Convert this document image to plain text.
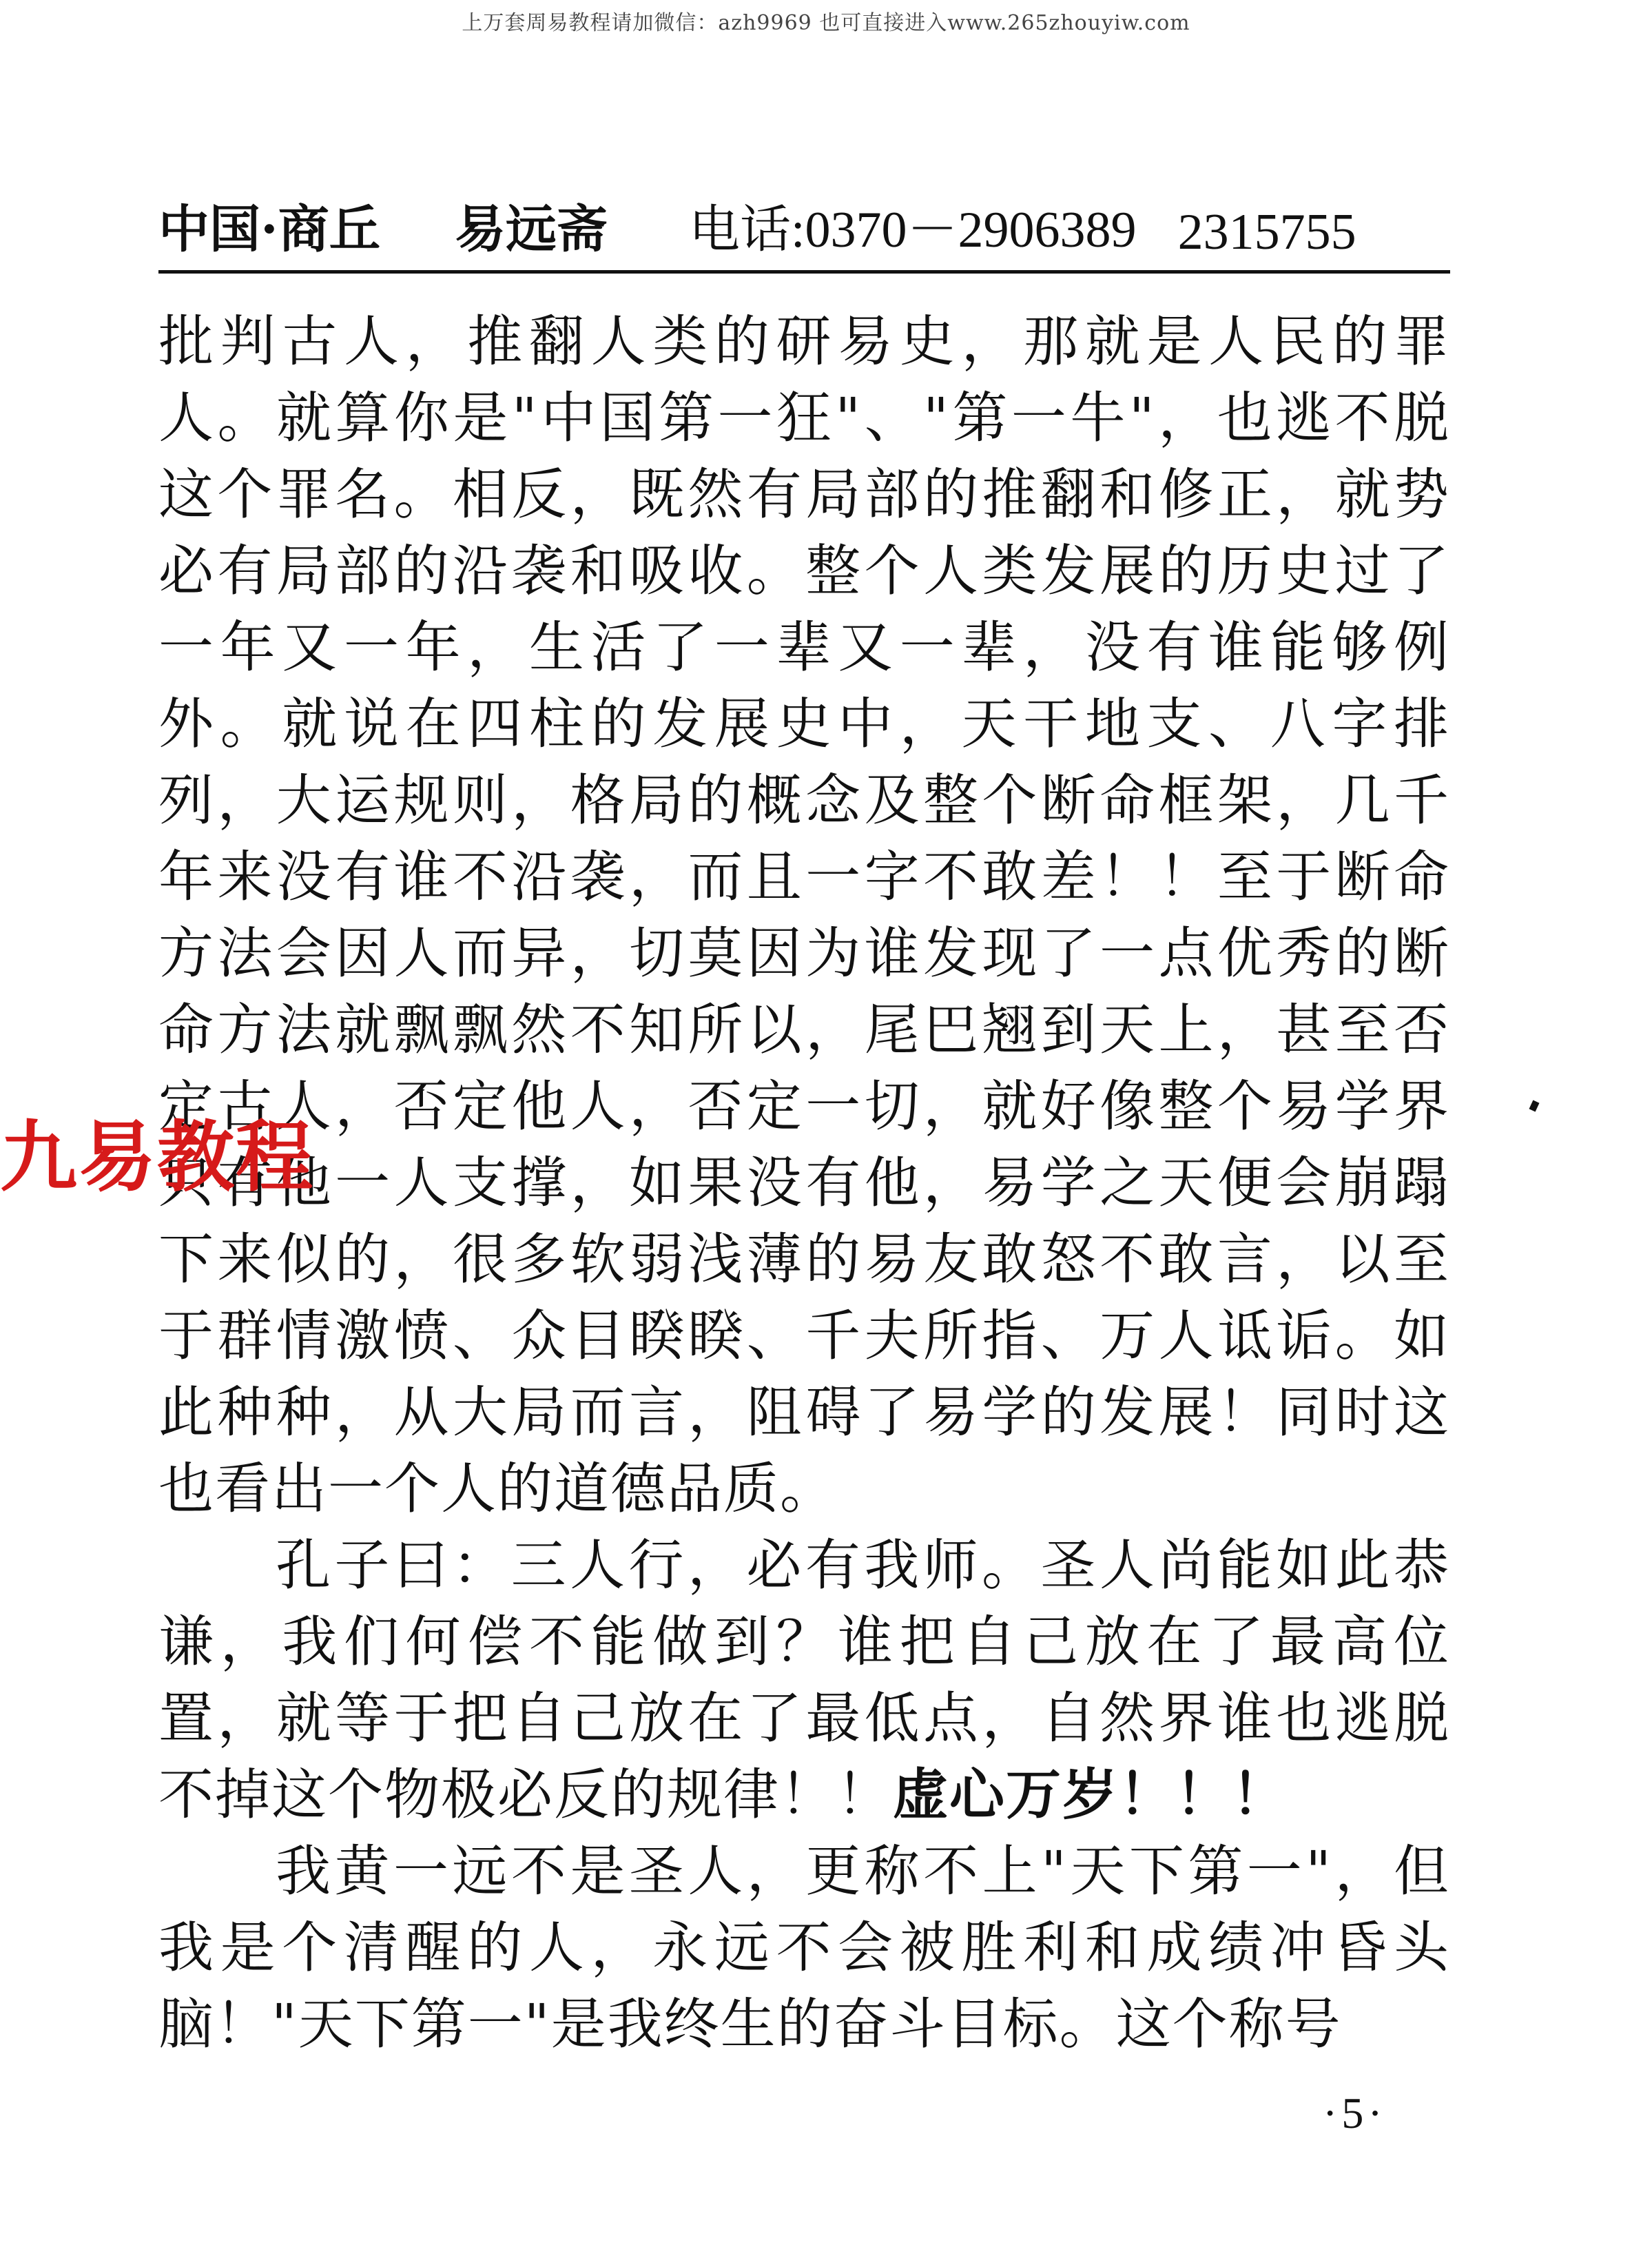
上万套周易教程请加微信：azh9969 也可直接进入www.265zhouyiw.com
中国·商丘	易远斋	电话:0370－2906389 2315755

批判古人，推翻人类的研易史，那就是人民的罪人。就算你是"中国第一狂"、"第一牛"，也逃不脱这个罪名。相反，既然有局部的推翻和修正，就势必有局部的沿袭和吸收。整个人类发展的历史过了一年又一年，生活了一辈又一辈，没有谁能够例外。就说在四柱的发展史中，天干地支、八字排列，大运规则，格局的概念及整个断命框架，几千年来没有谁不沿袭，而且一字不敢差！！至于断命方法会因人而异，切莫因为谁发现了一点优秀的断命方法就飘飘然不知所以，尾巴翘到天上，甚至否定古人，否定他人，否定一切，就好像整个易学界只有他一人支撑，如果没有他，易学之天便会崩蹋下来似的，很多软弱浅薄的易友敢怒不敢言，以至于群情激愤、众目睽睽、千夫所指、万人诋诟。如此种种，从大局而言，阻碍了易学的发展！同时这也看出一个人的道德品质。

孔子曰：三人行，必有我师。圣人尚能如此恭谦，我们何偿不能做到？谁把自己放在了最高位置，就等于把自己放在了最低点，自然界谁也逃脱不掉这个物极必反的规律！！虚心万岁！！！

我黄一远不是圣人，更称不上"天下第一"，但我是个清醒的人，永远不会被胜利和成绩冲昏头脑！"天下第一"是我终生的奋斗目标。这个称号

九易教程
·5·
